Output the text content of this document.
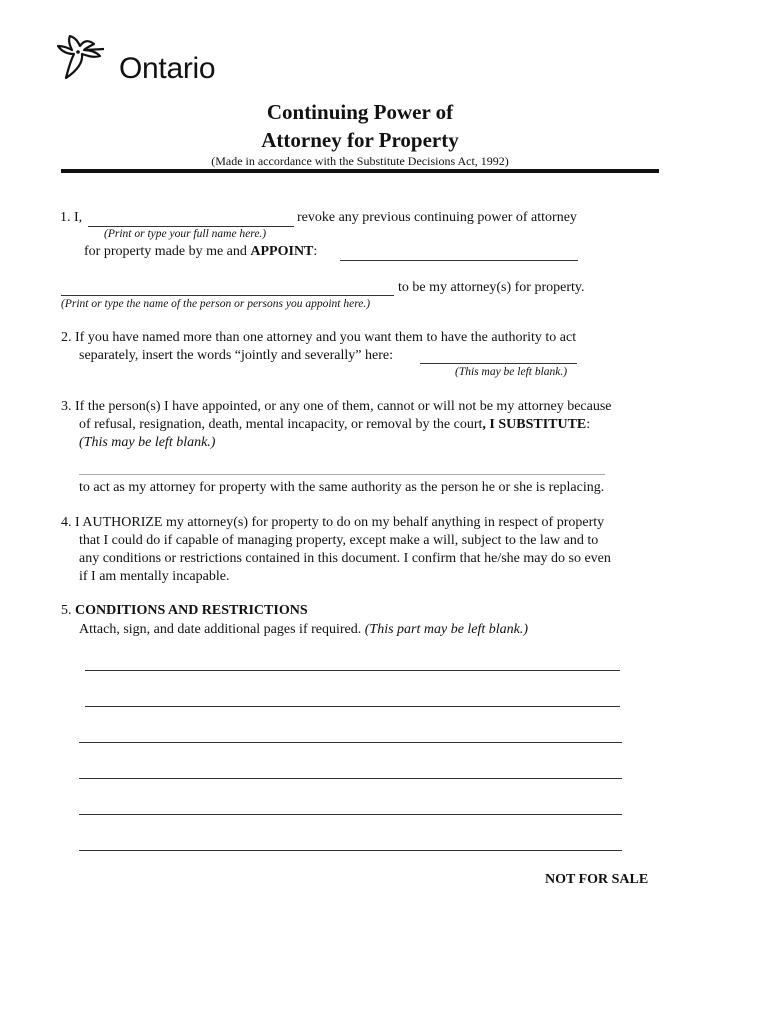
Ontario
Continuing Power of
Attorney for Property
(Made in accordance with the Substitute Decisions Act, 1992)
1. I,	revoke any previous continuing power of attorney
(Print or type your full name here.)
for property made by me and APPOINT:
to be my attorney(s) for property.
(Print or type the name of the person or persons you appoint here.)
2. If you have named more than one attorney and you want them to have the authority to act
separately, insert the words “jointly and severally” here:
(This may be left blank.)
3. If the person(s) I have appointed, or any one of them, cannot or will not be my attorney because
of refusal, resignation, death, mental incapacity, or removal by the court, I SUBSTITUTE:
(This may be left blank.)
to act as my attorney for property with the same authority as the person he or she is replacing.
4. I AUTHORIZE my attorney(s) for property to do on my behalf anything in respect of property
that I could do if capable of managing property, except make a will, subject to the law and to
any conditions or restrictions contained in this document. I confirm that he/she may do so even
if I am mentally incapable.
5. CONDITIONS AND RESTRICTIONS
Attach, sign, and date additional pages if required. (This part may be left blank.)
NOT FOR SALE
